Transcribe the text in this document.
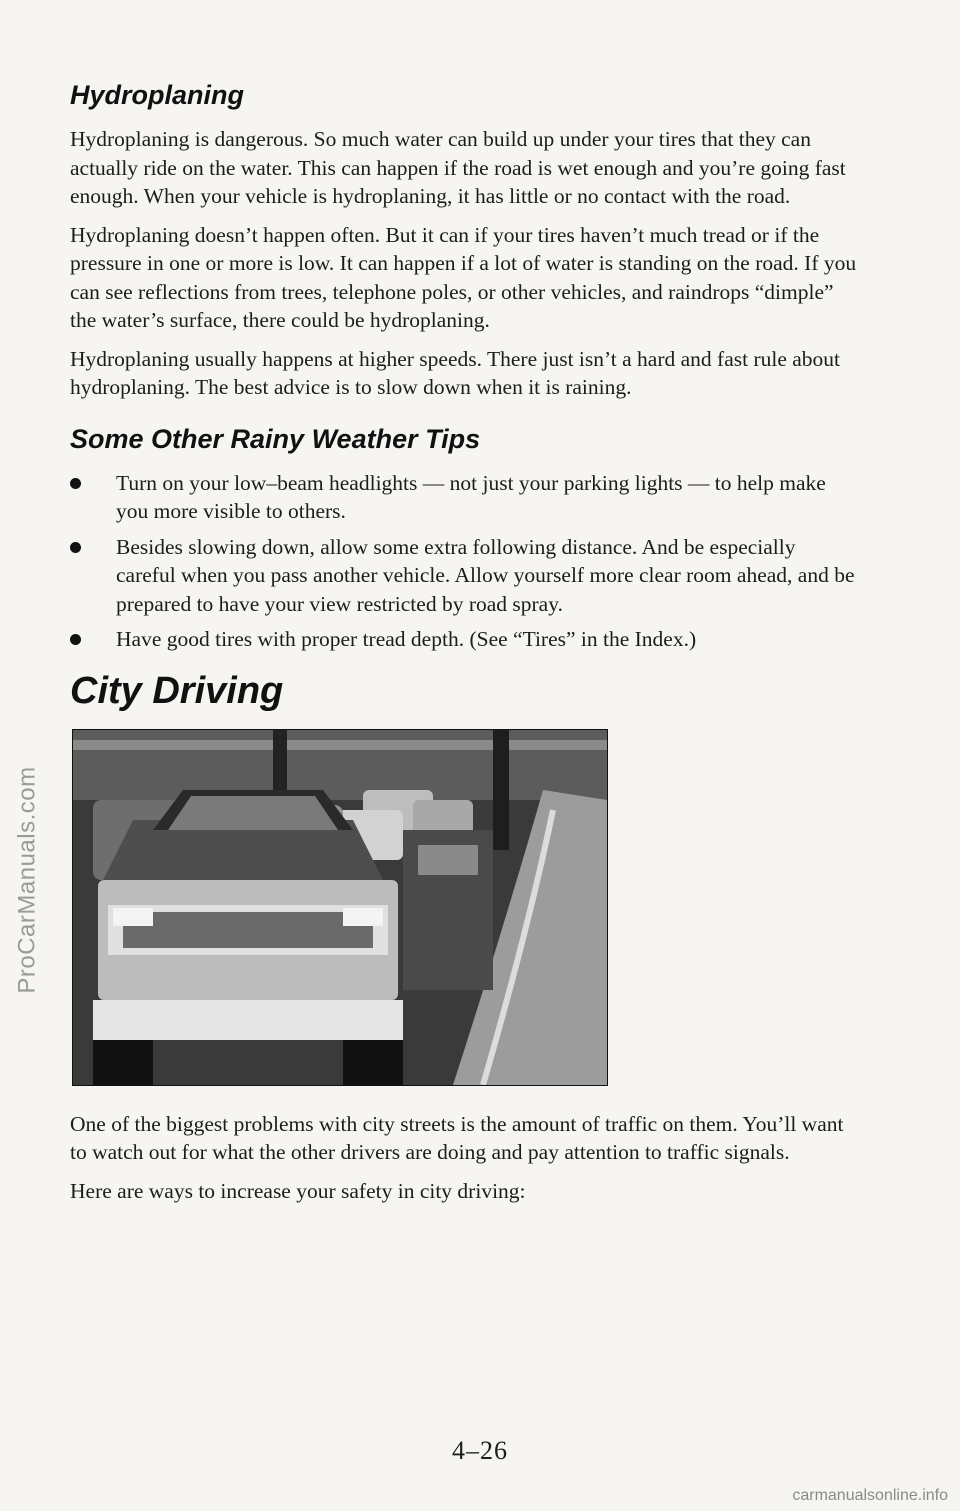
ProCarManuals.com
Hydroplaning

Hydroplaning is dangerous. So much water can build up under your tires that they can actually ride on the water. This can happen if the road is wet enough and you’re going fast enough. When your vehicle is hydroplaning, it has little or no contact with the road.

Hydroplaning doesn’t happen often. But it can if your tires haven’t much tread or if the pressure in one or more is low. It can happen if a lot of water is standing on the road. If you can see reflections from trees, telephone poles, or other vehicles, and raindrops “dimple” the water’s surface, there could be hydroplaning.

Hydroplaning usually happens at higher speeds. There just isn’t a hard and fast rule about hydroplaning. The best advice is to slow down when it is raining.

Some Other Rainy Weather Tips
Turn on your low–beam headlights — not just your parking lights — to help make you more visible to others.
Besides slowing down, allow some extra following distance. And be especially careful when you pass another vehicle. Allow yourself more clear room ahead, and be prepared to have your view restricted by road spray.
Have good tires with proper tread depth. (See “Tires” in the Index.)
City Driving

One of the biggest problems with city streets is the amount of traffic on them. You’ll want to watch out for what the other drivers are doing and pay attention to traffic signals.

Here are ways to increase your safety in city driving:

4–26
carmanualsonline.info
